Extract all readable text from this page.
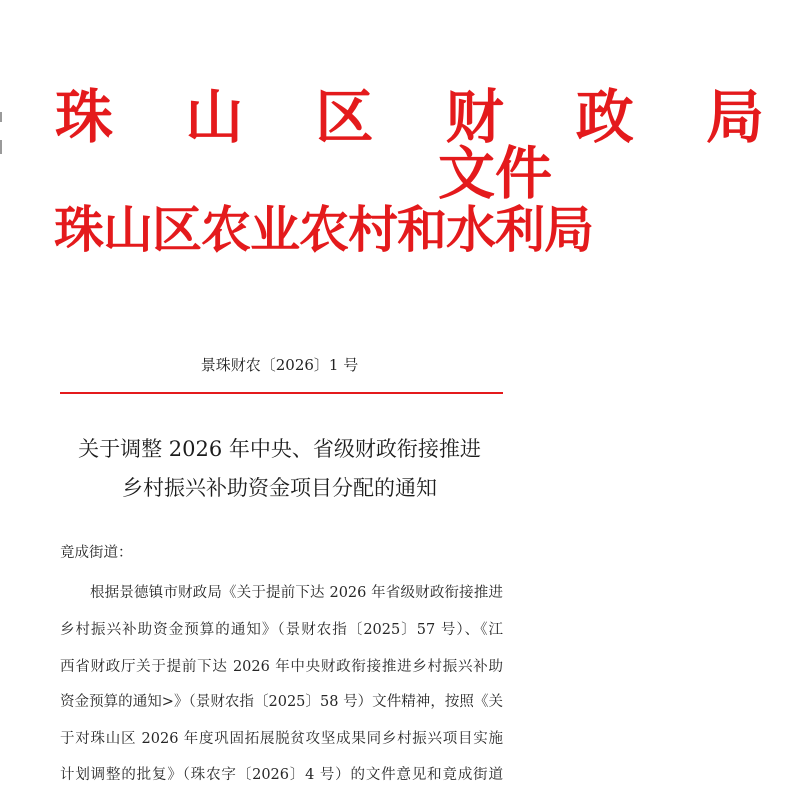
珠 山 区 财 政 局
珠山区农业农村和水利局
文件
景珠财农〔2026〕1 号
关于调整 2026 年中央、省级财政衔接推进
乡村振兴补助资金项目分配的通知
竟成街道：
根据景德镇市财政局《关于提前下达 2026 年省级财政衔接推进
乡村振兴补助资金预算的通知》（景财农指〔2025〕57 号）、《江
西省财政厅关于提前下达 2026 年中央财政衔接推进乡村振兴补助
资金预算的通知>》（景财农指〔2025〕58 号）文件精神，按照《关
于对珠山区 2026 年度巩固拓展脱贫攻坚成果同乡村振兴项目实施
计划调整的批复》（珠农字〔2026〕4 号）的文件意见和竟成街道
